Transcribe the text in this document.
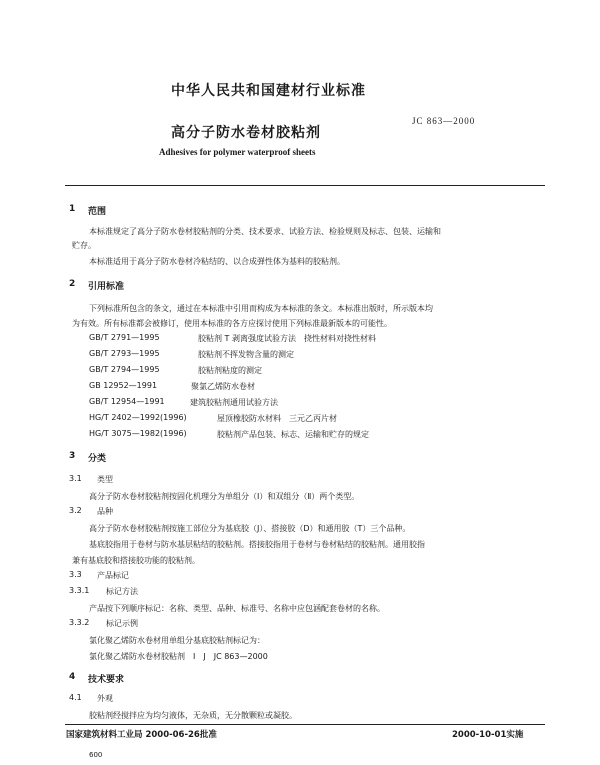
中华人民共和国建材行业标准
JC 863—2000
高分子防水卷材胶粘剂
Adhesives for polymer waterproof sheets
1 范围
本标准规定了高分子防水卷材胶粘剂的分类、技术要求、试验方法、检验规则及标志、包装、运输和
贮存。
本标准适用于高分子防水卷材冷粘结的、以合成弹性体为基料的胶粘剂。
2 引用标准
下列标准所包含的条文，通过在本标准中引用而构成为本标准的条文。本标准出版时，所示版本均
为有效。所有标准都会被修订，使用本标准的各方应探讨使用下列标准最新版本的可能性。
GB/T 2791—1995	胶粘剂 T 剥离强度试验方法　挠性材料对挠性材料
GB/T 2793—1995	胶粘剂不挥发物含量的测定
GB/T 2794—1995	胶粘剂粘度的测定
GB 12952—1991	聚氯乙烯防水卷材
GB/T 12954—1991	建筑胶粘剂通用试验方法
HG/T 2402—1992(1996)	屋顶橡胶防水材料　三元乙丙片材
HG/T 3075—1982(1996)	胶粘剂产品包装、标志、运输和贮存的规定
3 分类
3.1 类型
高分子防水卷材胶粘剂按固化机理分为单组分（Ⅰ）和双组分（Ⅱ）两个类型。
3.2 品种
高分子防水卷材胶粘剂按施工部位分为基底胶（J）、搭接胶（D）和通用胶（T）三个品种。
基底胶指用于卷材与防水基层粘结的胶粘剂。搭接胶指用于卷材与卷材粘结的胶粘剂。通用胶指
兼有基底胶和搭接胶功能的胶粘剂。
3.3 产品标记
3.3.1 标记方法
产品按下列顺序标记：名称、类型、品种、标准号、名称中应包涵配套卷材的名称。
3.3.2 标记示例
氯化聚乙烯防水卷材用单组分基底胶粘剂标记为：
氯化聚乙烯防水卷材胶粘剂　Ⅰ　J　JC 863—2000
4 技术要求
4.1 外观
胶粘剂经搅拌应为均匀液体，无杂质，无分散颗粒或凝胶。
国家建筑材料工业局 2000-06-26批准	2000-10-01实施
600
